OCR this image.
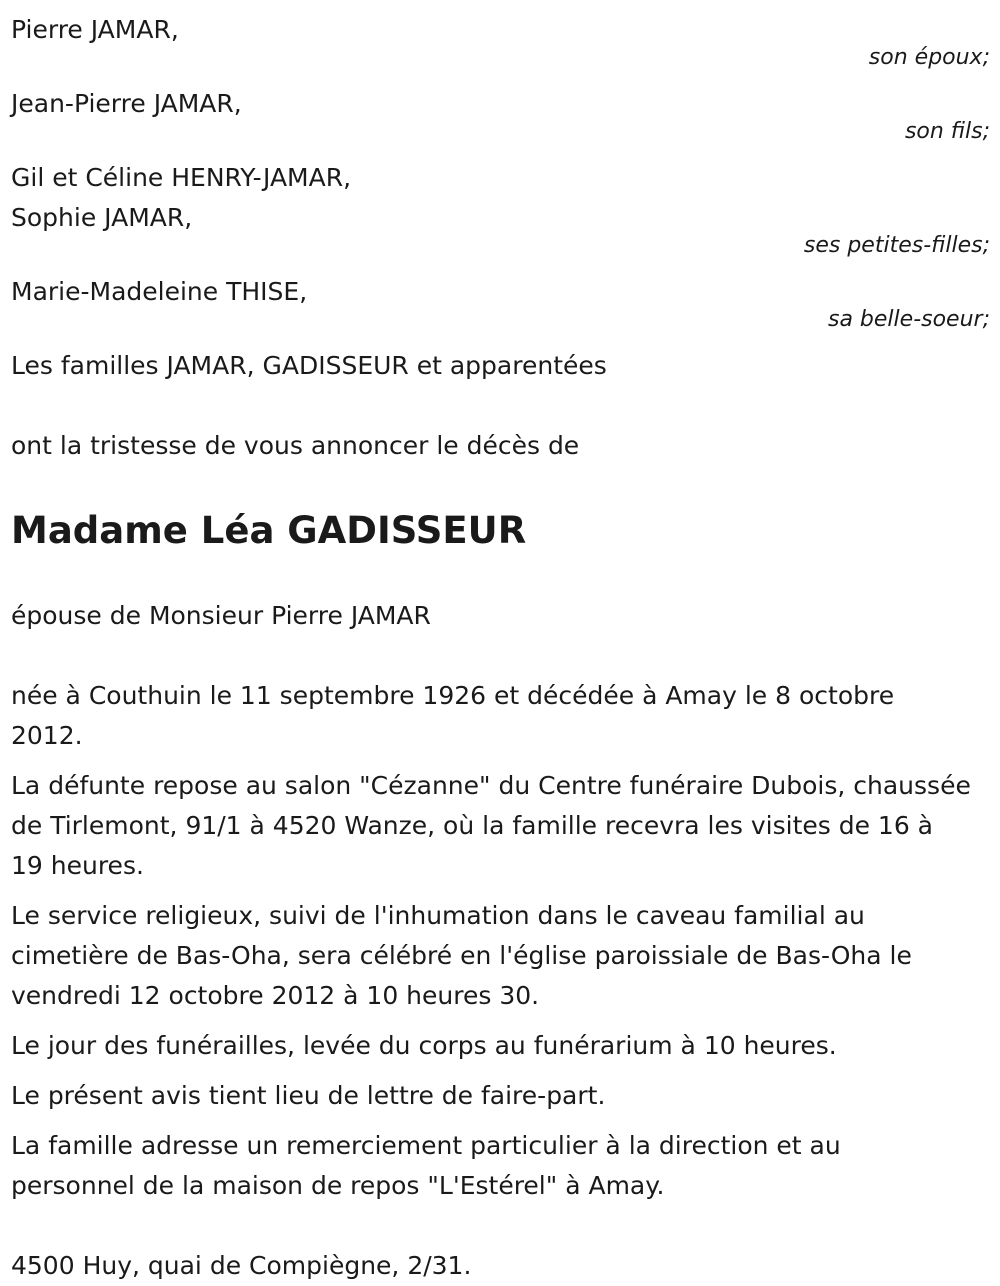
Pierre JAMAR,

son époux;

Jean-Pierre JAMAR,

son fils;

Gil et Céline HENRY-JAMAR,

Sophie JAMAR,

ses petites-filles;

Marie-Madeleine THISE,

sa belle-soeur;

Les familles JAMAR, GADISSEUR et apparentées

ont la tristesse de vous annoncer le décès de

Madame Léa GADISSEUR

épouse de Monsieur Pierre JAMAR

née à Couthuin le 11 septembre 1926 et décédée à Amay le 8 octobre 2012.

La défunte repose au salon "Cézanne" du Centre funéraire Dubois, chaussée de Tirlemont, 91/1 à 4520 Wanze, où la famille recevra les visites de 16 à 19 heures.

Le service religieux, suivi de l'inhumation dans le caveau familial au cimetière de Bas-Oha, sera célébré en l'église paroissiale de Bas-Oha le vendredi 12 octobre 2012 à 10 heures 30.

Le jour des funérailles, levée du corps au funérarium à 10 heures.

Le présent avis tient lieu de lettre de faire-part.

La famille adresse un remerciement particulier à la direction et au personnel de la maison de repos "L'Estérel" à Amay.

4500 Huy, quai de Compiègne, 2/31.
